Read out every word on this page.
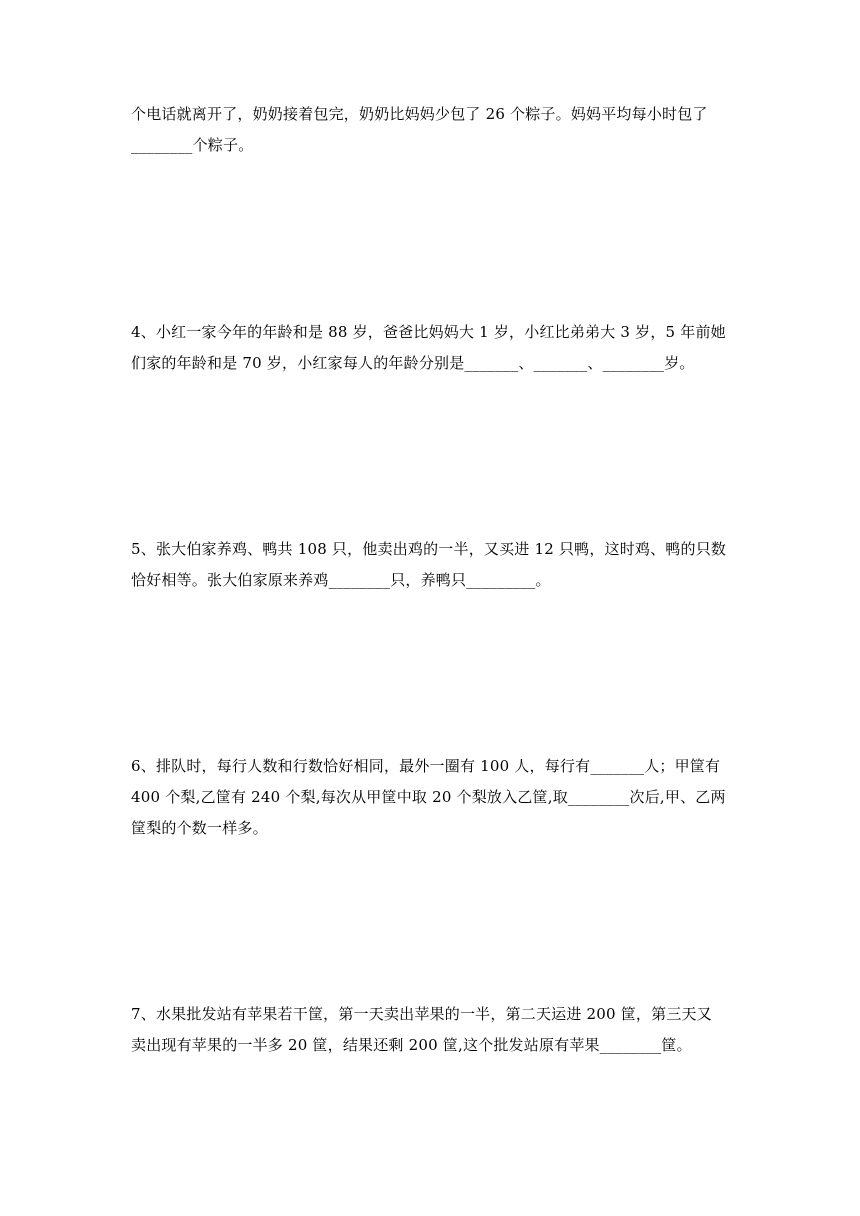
个电话就离开了，奶奶接着包完，奶奶比妈妈少包了 26 个粽子。妈妈平均每小时包了
________个粽子。
4、小红一家今年的年龄和是 88 岁，爸爸比妈妈大 1 岁，小红比弟弟大 3 岁，5 年前她
们家的年龄和是 70 岁，小红家每人的年龄分别是_______、_______、________岁。
5、张大伯家养鸡、鸭共 108 只，他卖出鸡的一半，又买进 12 只鸭，这时鸡、鸭的只数
恰好相等。张大伯家原来养鸡________只，养鸭只_________。
6、排队时，每行人数和行数恰好相同，最外一圈有 100 人，每行有_______人；甲筐有
400 个梨,乙筐有 240 个梨,每次从甲筐中取 20 个梨放入乙筐,取________次后,甲、乙两
筐梨的个数一样多。
7、水果批发站有苹果若干筐，第一天卖出苹果的一半，第二天运进 200 筐，第三天又
卖出现有苹果的一半多 20 筐，结果还剩 200 筐,这个批发站原有苹果________筐。
